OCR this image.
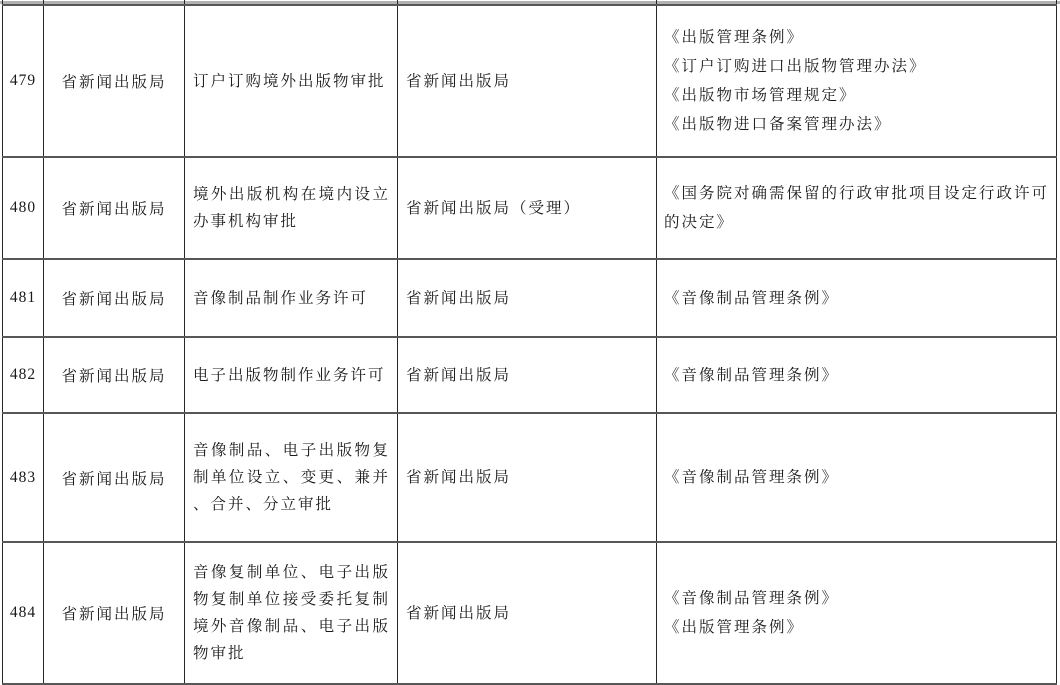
479	省新闻出版局	订户订购境外出版物审批	省新闻出版局	《出版管理条例》
《订户订购进口出版物管理办法》
《出版物市场管理规定》
《出版物进口备案管理办法》

480	省新闻出版局	境外出版机构在境内设立办事机构审批	省新闻出版局（受理）	《国务院对确需保留的行政审批项目设定行政许可的决定》

481	省新闻出版局	音像制品制作业务许可	省新闻出版局	《音像制品管理条例》

482	省新闻出版局	电子出版物制作业务许可	省新闻出版局	《音像制品管理条例》

483	省新闻出版局	音像制品、电子出版物复制单位设立、变更、兼并、合并、分立审批	省新闻出版局	《音像制品管理条例》

484	省新闻出版局	音像复制单位、电子出版物复制单位接受委托复制境外音像制品、电子出版物审批	省新闻出版局	《音像制品管理条例》
《出版管理条例》
